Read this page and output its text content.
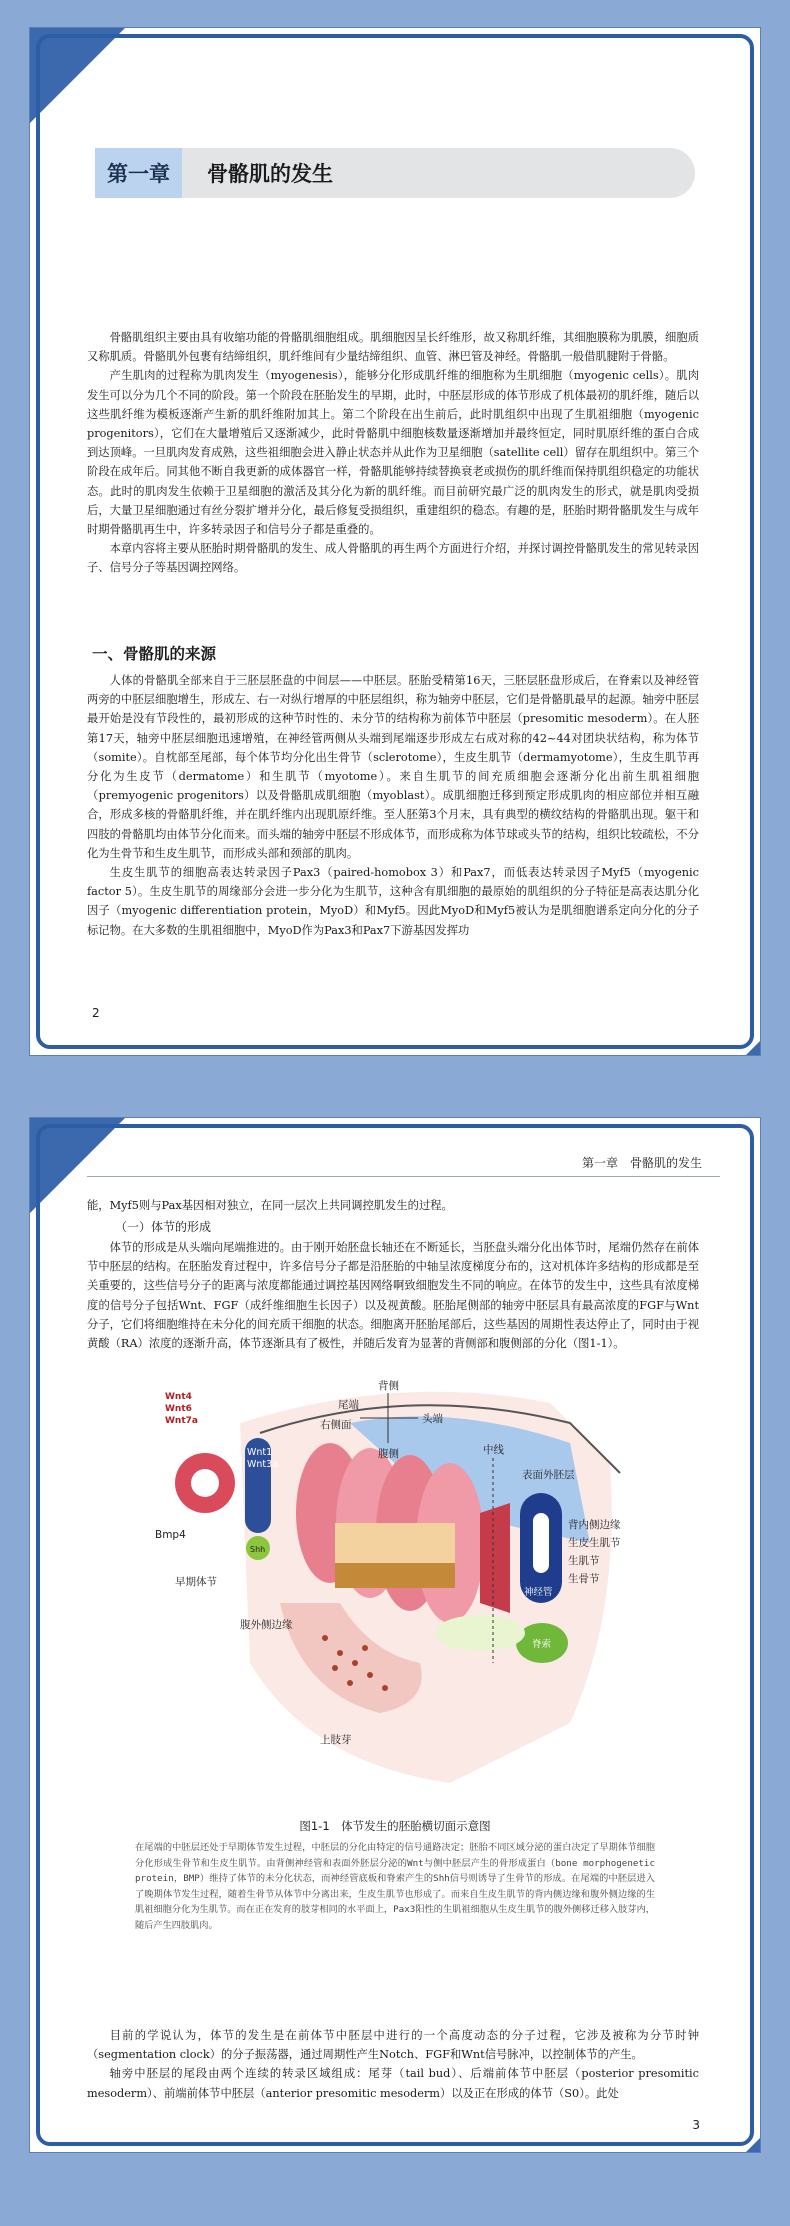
第一章	骨骼肌的发生

骨骼肌组织主要由具有收缩功能的骨骼肌细胞组成。肌细胞因呈长纤维形，故又称肌纤维，其细胞膜称为肌膜，细胞质又称肌质。骨骼肌外包裹有结缔组织，肌纤维间有少量结缔组织、血管、淋巴管及神经。骨骼肌一般借肌腱附于骨骼。

产生肌肉的过程称为肌肉发生（myogenesis），能够分化形成肌纤维的细胞称为生肌细胞（myogenic cells）。肌肉发生可以分为几个不同的阶段。第一个阶段在胚胎发生的早期，此时，中胚层形成的体节形成了机体最初的肌纤维，随后以这些肌纤维为模板逐渐产生新的肌纤维附加其上。第二个阶段在出生前后，此时肌组织中出现了生肌祖细胞（myogenic progenitors），它们在大量增殖后又逐渐减少，此时骨骼肌中细胞核数量逐渐增加并最终恒定，同时肌原纤维的蛋白合成到达顶峰。一旦肌肉发育成熟，这些祖细胞会进入静止状态并从此作为卫星细胞（satellite cell）留存在肌组织中。第三个阶段在成年后。同其他不断自我更新的成体器官一样，骨骼肌能够持续替换衰老或损伤的肌纤维而保持肌组织稳定的功能状态。此时的肌肉发生依赖于卫星细胞的激活及其分化为新的肌纤维。而目前研究最广泛的肌肉发生的形式，就是肌肉受损后，大量卫星细胞通过有丝分裂扩增并分化，最后修复受损组织，重建组织的稳态。有趣的是，胚胎时期骨骼肌发生与成年时期骨骼肌再生中，许多转录因子和信号分子都是重叠的。

本章内容将主要从胚胎时期骨骼肌的发生、成人骨骼肌的再生两个方面进行介绍，并探讨调控骨骼肌发生的常见转录因子、信号分子等基因调控网络。

一、骨骼肌的来源

人体的骨骼肌全部来自于三胚层胚盘的中间层——中胚层。胚胎受精第16天，三胚层胚盘形成后，在脊索以及神经管两旁的中胚层细胞增生，形成左、右一对纵行增厚的中胚层组织，称为轴旁中胚层，它们是骨骼肌最早的起源。轴旁中胚层最开始是没有节段性的，最初形成的这种节时性的、未分节的结构称为前体节中胚层（presomitic mesoderm）。在人胚第17天，轴旁中胚层细胞迅速增殖，在神经管两侧从头端到尾端逐步形成左右成对称的42~44对团块状结构，称为体节（somite）。自枕部至尾部，每个体节均分化出生骨节（sclerotome），生皮生肌节（dermamyotome），生皮生肌节再分化为生皮节（dermatome）和生肌节（myotome）。来自生肌节的间充质细胞会逐渐分化出前生肌祖细胞（premyogenic progenitors）以及骨骼肌成肌细胞（myoblast）。成肌细胞迁移到预定形成肌肉的相应部位并相互融合，形成多核的骨骼肌纤维，并在肌纤维内出现肌原纤维。至人胚第3个月末，具有典型的横纹结构的骨骼肌出现。躯干和四肢的骨骼肌均由体节分化而来。而头端的轴旁中胚层不形成体节，而形成称为体节球或头节的结构，组织比较疏松，不分化为生骨节和生皮生肌节，而形成头部和颈部的肌肉。

生皮生肌节的细胞高表达转录因子Pax3（paired-homobox 3）和Pax7，而低表达转录因子Myf5（myogenic factor 5）。生皮生肌节的周缘部分会进一步分化为生肌节，这种含有肌细胞的最原始的肌组织的分子特征是高表达肌分化因子（myogenic differentiation protein，MyoD）和Myf5。因此MyoD和Myf5被认为是肌细胞谱系定向分化的分子标记物。在大多数的生肌祖细胞中，MyoD作为Pax3和Pax7下游基因发挥功

2
第一章　骨骼肌的发生

能，Myf5则与Pax基因相对独立，在同一层次上共同调控肌发生的过程。

（一）体节的形成

体节的形成是从头端向尾端推进的。由于刚开始胚盘长轴还在不断延长，当胚盘头端分化出体节时，尾端仍然存在前体节中胚层的结构。在胚胎发育过程中，许多信号分子都是沿胚胎的中轴呈浓度梯度分布的，这对机体许多结构的形成都是至关重要的，这些信号分子的距离与浓度都能通过调控基因网络啊致细胞发生不同的响应。在体节的发生中，这些具有浓度梯度的信号分子包括Wnt、FGF（成纤维细胞生长因子）以及视黄酸。胚胎尾侧部的轴旁中胚层具有最高浓度的FGF与Wnt分子，它们将细胞维持在未分化的间充质干细胞的状态。细胞离开胚胎尾部后，这些基因的周期性表达停止了，同时由于视黄酸（RA）浓度的逐渐升高，体节逐渐具有了极性，并随后发育为显著的背侧部和腹侧部的分化（图1-1）。

Wnt4
Wnt6
Wnt7a
Wnt1
Wnt3a
Bmp4
Shh
背侧
尾端
头端
右侧面
腹侧	中线
表面外胚层
早期体节
背内侧边缘
生皮生肌节
生肌节
生骨节
神经管
脊索
腹外侧边缘
上肢芽
图1-1　体节发生的胚胎横切面示意图
在尾端的中胚层还处于早期体节发生过程，中胚层的分化由特定的信号通路决定；胚胎不同区域分泌的蛋白决定了早期体节细胞分化形成生骨节和生皮生肌节。由背侧神经管和表面外胚层分泌的Wnt与侧中胚层产生的骨形成蛋白（bone morphogenetic protein，BMP）维持了体节的未分化状态，而神经管底板和脊索产生的Shh信号则诱导了生骨节的形成。在尾端的中胚层进入了晚期体节发生过程，随着生骨节从体节中分离出来，生皮生肌节也形成了。而来自生皮生肌节的背内侧边缘和腹外侧边缘的生肌祖细胞分化为生肌节。而在正在发育的肢芽相同的水平面上，Pax3阳性的生肌祖细胞从生皮生肌节的腹外侧移迁移入肢芽内，随后产生四肢肌肉。

目前的学说认为，体节的发生是在前体节中胚层中进行的一个高度动态的分子过程，它涉及被称为分节时钟（segmentation clock）的分子振荡器，通过周期性产生Notch、FGF和Wnt信号脉冲，以控制体节的产生。

轴旁中胚层的尾段由两个连续的转录区域组成：尾芽（tail bud）、后端前体节中胚层（posterior presomitic mesoderm）、前端前体节中胚层（anterior presomitic mesoderm）以及正在形成的体节（S0）。此处

3
